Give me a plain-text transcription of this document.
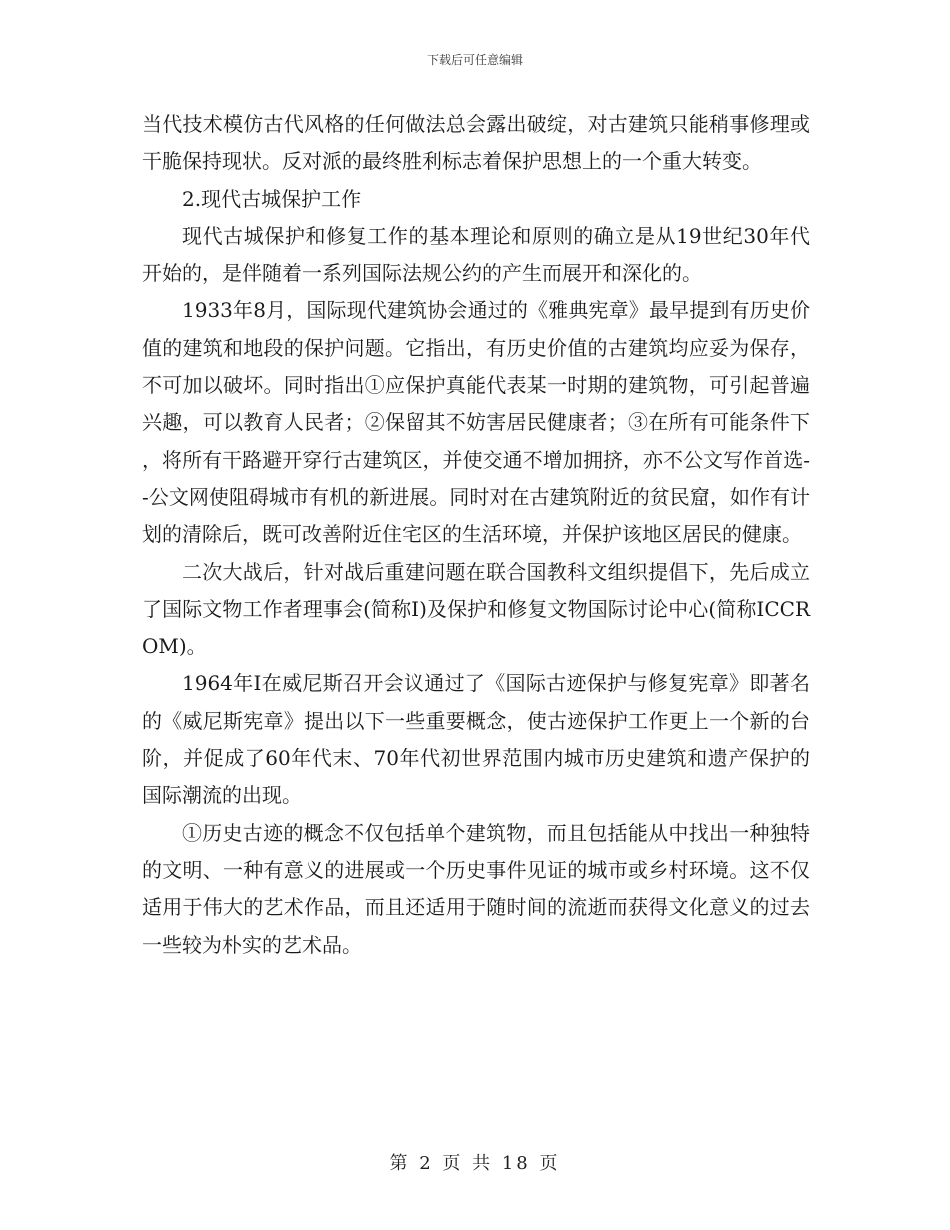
下载后可任意编辑

当代技术模仿古代风格的任何做法总会露出破绽，对古建筑只能稍事修理或干脆保持现状。反对派的最终胜利标志着保护思想上的一个重大转变。

2.现代古城保护工作

现代古城保护和修复工作的基本理论和原则的确立是从19世纪30年代开始的，是伴随着一系列国际法规公约的产生而展开和深化的。

1933年8月，国际现代建筑协会通过的《雅典宪章》最早提到有历史价值的建筑和地段的保护问题。它指出，有历史价值的古建筑均应妥为保存，不可加以破坏。同时指出①应保护真能代表某一时期的建筑物，可引起普遍兴趣，可以教育人民者；②保留其不妨害居民健康者；③在所有可能条件下，将所有干路避开穿行古建筑区，并使交通不增加拥挤，亦不公文写作首选--公文网使阻碍城市有机的新进展。同时对在古建筑附近的贫民窟，如作有计划的清除后，既可改善附近住宅区的生活环境，并保护该地区居民的健康。

二次大战后，针对战后重建问题在联合国教科文组织提倡下，先后成立了国际文物工作者理事会(简称I)及保护和修复文物国际讨论中心(简称ICCROM)。

1964年I在威尼斯召开会议通过了《国际古迹保护与修复宪章》即著名的《威尼斯宪章》提出以下一些重要概念，使古迹保护工作更上一个新的台阶，并促成了60年代末、70年代初世界范围内城市历史建筑和遗产保护的国际潮流的出现。

①历史古迹的概念不仅包括单个建筑物，而且包括能从中找出一种独特的文明、一种有意义的进展或一个历史事件见证的城市或乡村环境。这不仅适用于伟大的艺术作品，而且还适用于随时间的流逝而获得文化意义的过去一些较为朴实的艺术品。

第 2 页 共 18 页
